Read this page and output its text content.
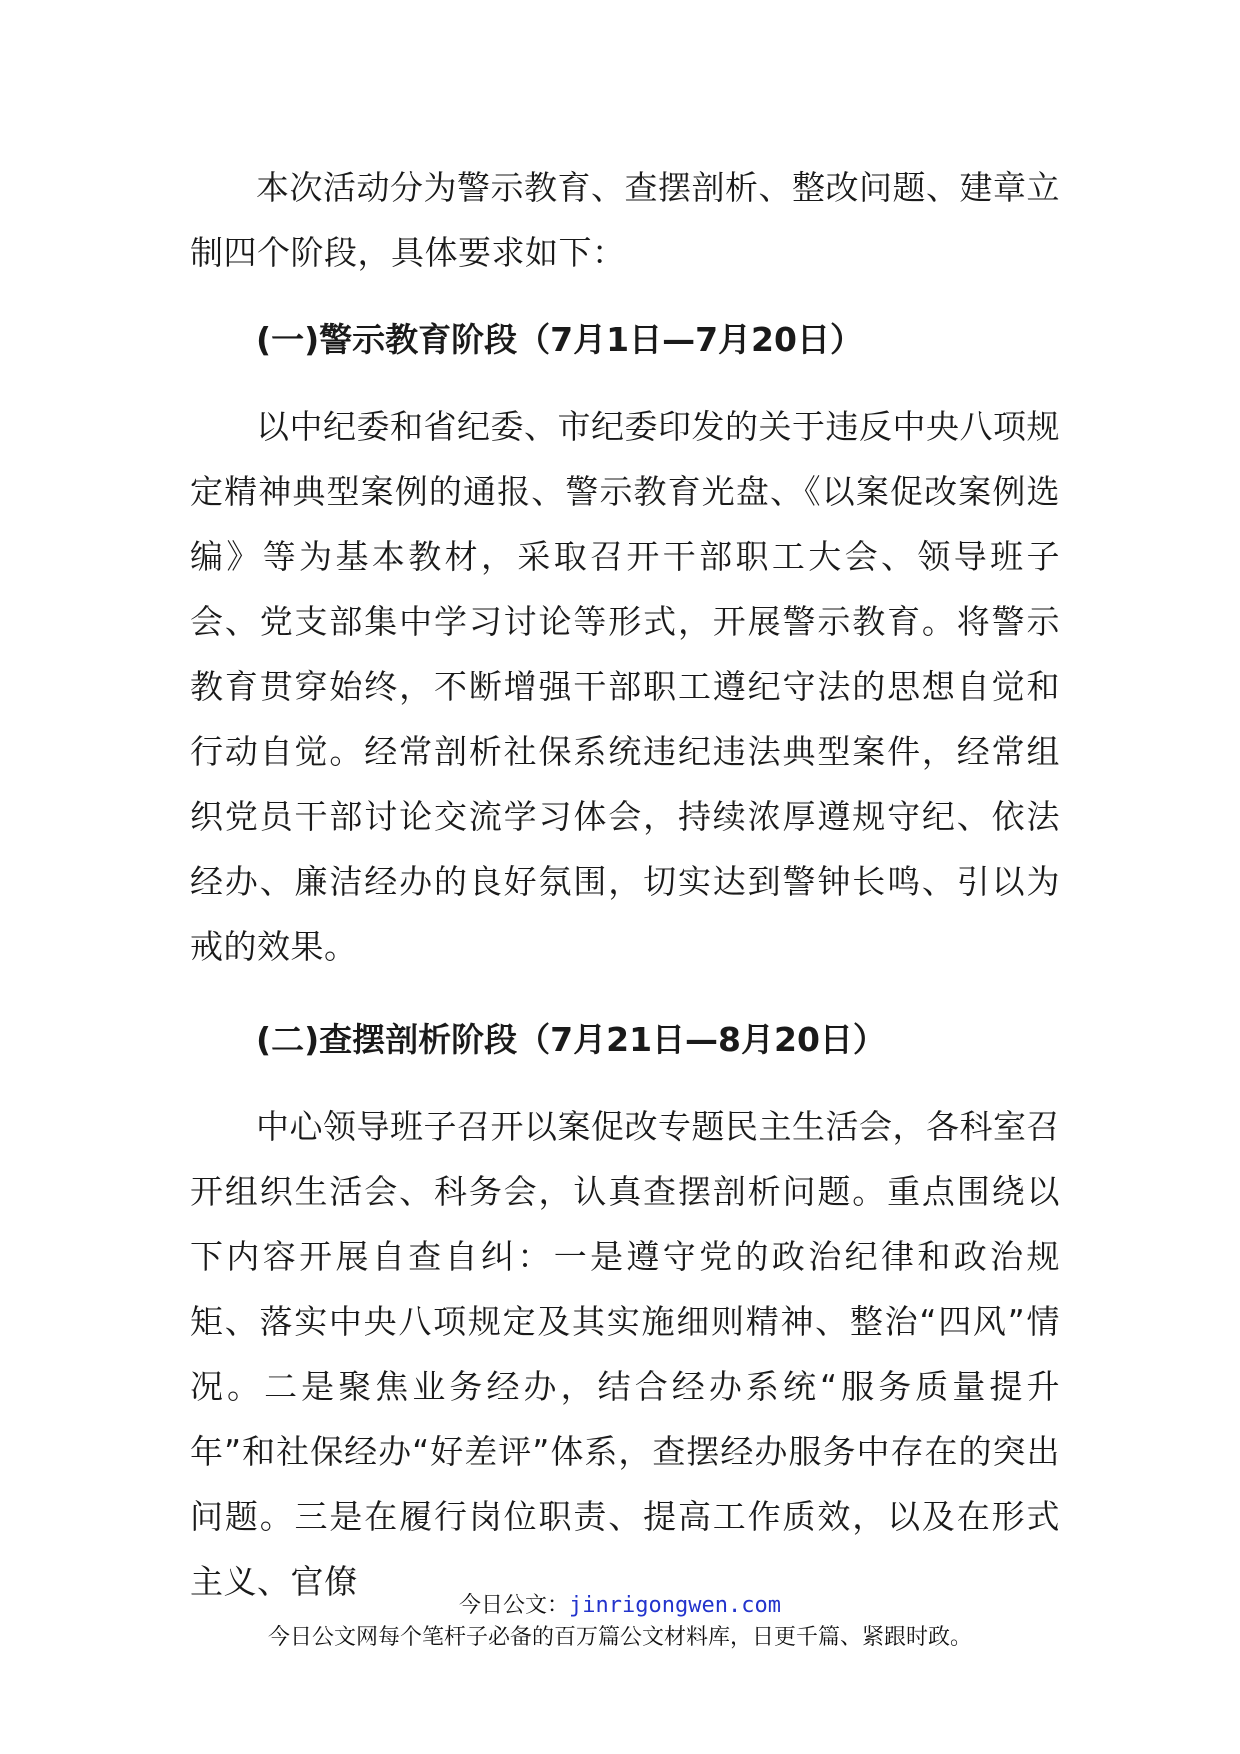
本次活动分为警示教育、查摆剖析、整改问题、建章立制四个阶段，具体要求如下：

(一)警示教育阶段（7月1日—7月20日）

以中纪委和省纪委、市纪委印发的关于违反中央八项规定精神典型案例的通报、警示教育光盘、《以案促改案例选编》等为基本教材，采取召开干部职工大会、领导班子会、党支部集中学习讨论等形式，开展警示教育。将警示教育贯穿始终，不断增强干部职工遵纪守法的思想自觉和行动自觉。经常剖析社保系统违纪违法典型案件，经常组织党员干部讨论交流学习体会，持续浓厚遵规守纪、依法经办、廉洁经办的良好氛围，切实达到警钟长鸣、引以为戒的效果。

(二)查摆剖析阶段（7月21日—8月20日）

中心领导班子召开以案促改专题民主生活会，各科室召开组织生活会、科务会，认真查摆剖析问题。重点围绕以下内容开展自查自纠：一是遵守党的政治纪律和政治规矩、落实中央八项规定及其实施细则精神、整治“四风”情况。二是聚焦业务经办，结合经办系统“服务质量提升年”和社保经办“好差评”体系，查摆经办服务中存在的突出问题。三是在履行岗位职责、提高工作质效，以及在形式主义、官僚

今日公文：jinrigongwen.com
今日公文网每个笔杆子必备的百万篇公文材料库，日更千篇、紧跟时政。
